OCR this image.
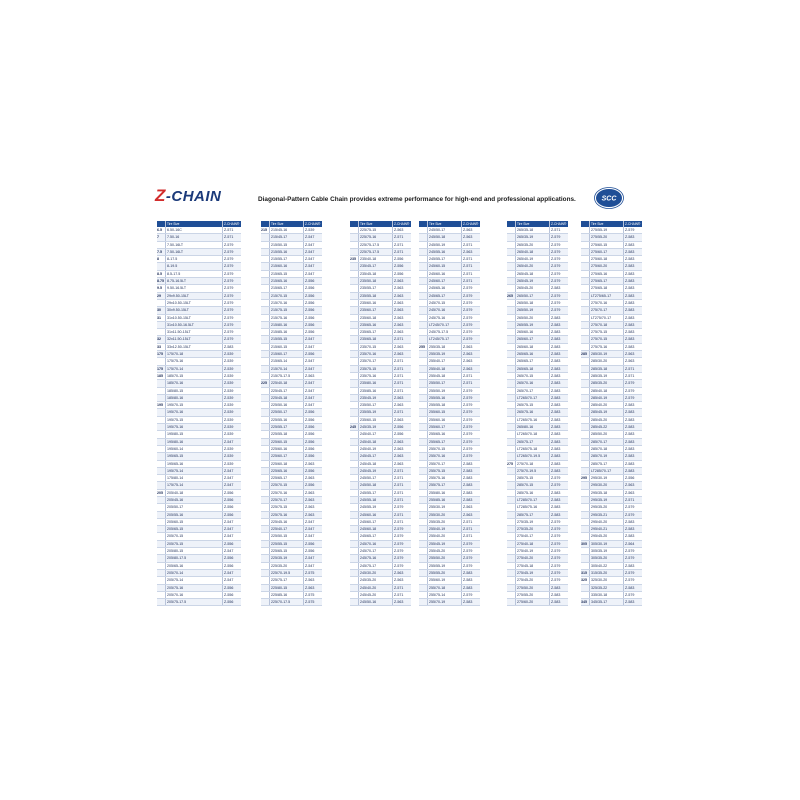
Z-CHAIN	Diagonal-Pattern Cable Chain provides extreme performance for high-end and professional applications.	SCC
Tire Size	Z-CHAIN®
6.5	6.50-16C	Z-571
7	7.50-16	Z-571
7.50-16LT	Z-579
7.5	7.50-16LT	Z-579
8	8-17.5	Z-579
8-19.5	Z-579
8.5	8.5-17.5	Z-579
8.75 8.75-16.5LT	Z-579
9.5	9.50-16.5LT	Z-579
29	29x9.50-15LT	Z-579
29x10.50-15LT	Z-579
30	30x9.50-15LT	Z-579
31	31x10.50-15LT	Z-579
31x10.50-16.5LT	Z-579
31x11.50-15LT	Z-579
32	32x11.50-15LT	Z-579
33	33x12.50-15LT	Z-583
175	175/70-18	Z-539
175/75-16	Z-539
175	175/70-14	Z-539
185	185/70-15	Z-539
185/70-16	Z-539
185/80-15	Z-539
185/80-16	Z-539
195	195/70-15	Z-539
195/70-16	Z-539
195/75-15	Z-539
195/75-16	Z-539
195/80-15	Z-539
195/80-16	Z-547
195/60-14	Z-539
195/65-15	Z-539
195/65-16	Z-539
195/75-14	Z-547
175/80-14	Z-547
175/75-14	Z-547
205	205/40-18	Z-556
205/45-16	Z-556
205/50-17	Z-556
205/55-16	Z-556
205/60-15	Z-547
205/65-15	Z-547
205/70-15	Z-547
205/75-15	Z-556
205/80-15	Z-547
205/80-17.5	Z-556
205/65-16	Z-556
205/70-14	Z-547
205/75-14	Z-547
205/75-16	Z-556
205/70-16	Z-556
205/75-17.5	Z-556
Tire Size	Z-CHAIN®
215	215/45-16	Z-539
215/45-17	Z-547
215/50-15	Z-547
215/55-16	Z-547
215/55-17	Z-547
215/60-16	Z-547
215/65-15	Z-547
215/65-16	Z-556
215/65-17	Z-556
215/70-15	Z-556
215/70-16	Z-556
215/75-15	Z-556
215/75-16	Z-556
215/80-16	Z-556
215/85-16	Z-556
215/55-15	Z-547
215/60-15	Z-547
215/60-17	Z-556
215/65-14	Z-547
215/70-14	Z-547
215/75-17.5	Z-563
225	225/40-18	Z-547
225/45-17	Z-547
225/45-18	Z-547
225/50-16	Z-547
225/50-17	Z-556
225/55-16	Z-556
225/55-17	Z-556
225/55-18	Z-556
225/60-15	Z-556
225/60-16	Z-556
225/60-17	Z-556
225/60-18	Z-563
225/65-16	Z-556
225/65-17	Z-563
225/70-15	Z-556
225/70-16	Z-563
225/70-17	Z-563
225/75-15	Z-563
225/75-16	Z-563
225/45-16	Z-547
225/40-17	Z-547
225/50-15	Z-547
225/55-15	Z-556
225/65-15	Z-556
225/35-19	Z-547
225/35-20	Z-547
225/70-19.5	Z-575
225/75-17	Z-563
225/80-15	Z-563
225/85-16	Z-575
225/70-17.5	Z-575
Tire Size	Z-CHAIN®
225/75-15	Z-563
225/75-16	Z-571
225/75-17.5	Z-571
225/75-17.5	Z-571
235	235/40-18	Z-556
235/45-17	Z-556
235/45-18	Z-556
235/50-18	Z-563
235/55-17	Z-563
235/55-18	Z-563
235/60-16	Z-563
235/60-17	Z-563
235/60-18	Z-563
235/65-16	Z-563
235/65-17	Z-563
235/65-18	Z-571
235/70-15	Z-563
235/70-16	Z-563
235/70-17	Z-571
235/75-15	Z-571
235/75-16	Z-571
235/80-16	Z-571
235/85-16	Z-571
235/45-19	Z-563
235/50-17	Z-563
235/55-19	Z-571
235/60-15	Z-563
245	245/35-19	Z-556
245/40-17	Z-556
245/40-18	Z-563
245/40-19	Z-563
245/45-17	Z-563
245/45-18	Z-563
245/45-19	Z-571
245/50-17	Z-571
245/50-18	Z-571
245/55-17	Z-571
245/55-18	Z-571
245/55-19	Z-579
245/60-16	Z-571
245/60-17	Z-571
245/60-18	Z-579
245/65-17	Z-579
245/70-16	Z-579
245/70-17	Z-579
245/75-16	Z-579
245/75-17	Z-579
245/30-20	Z-563
245/35-20	Z-563
245/40-20	Z-571
245/45-20	Z-571
245/50-16	Z-563
Tire Size	Z-CHAIN®
245/50-17	Z-563
245/50-18	Z-563
245/50-19	Z-571
245/55-16	Z-563
245/55-17	Z-571
245/60-15	Z-571
245/60-16	Z-571
245/60-17	Z-571
245/65-16	Z-579
245/65-17	Z-579
245/70-15	Z-579
245/70-16	Z-579
245/75-16	Z-579
LT245/70-17	Z-579
245/75-17.5	Z-579
LT245/75-17	Z-579
255	255/35-18	Z-563
255/35-19	Z-563
255/40-17	Z-563
255/40-18	Z-563
255/45-18	Z-571
255/50-17	Z-571
255/50-19	Z-579
255/55-16	Z-579
255/55-18	Z-579
255/60-15	Z-579
255/60-16	Z-579
255/60-17	Z-579
255/65-16	Z-579
255/65-17	Z-579
255/70-15	Z-579
255/70-16	Z-579
255/70-17	Z-583
255/75-15	Z-583
255/75-16	Z-583
255/75-17	Z-583
255/80-16	Z-583
255/85-16	Z-583
255/30-19	Z-563
255/30-20	Z-563
255/35-20	Z-571
255/40-19	Z-571
255/40-20	Z-571
255/45-19	Z-579
255/45-20	Z-579
255/50-20	Z-579
255/55-19	Z-579
255/55-20	Z-583
255/60-19	Z-583
255/70-18	Z-583
255/75-14	Z-579
255/70-19	Z-583
Tire Size	Z-CHAIN®
265/35-18	Z-571
265/35-19	Z-579
265/35-20	Z-579
265/40-18	Z-579
265/40-19	Z-579
265/40-20	Z-579
265/45-18	Z-579
265/45-19	Z-579
265/45-20	Z-583
265	265/50-17	Z-579
265/50-18	Z-579
265/50-19	Z-579
265/50-20	Z-583
265/55-19	Z-583
265/60-16	Z-583
265/60-17	Z-583
265/60-18	Z-583
265/65-16	Z-583
265/65-17	Z-583
265/65-18	Z-583
265/70-15	Z-583
265/70-16	Z-583
265/70-17	Z-583
LT265/70-17	Z-583
265/75-15	Z-583
265/75-16	Z-583
LT265/75-16	Z-583
265/80-16	Z-583
LT265/70-18	Z-583
265/75-17	Z-583
LT265/75-18	Z-583
LT265/70-19.5	Z-583
275	275/70-18	Z-583
275/70-19.5	Z-583
285/75-15	Z-579
285/70-15	Z-579
285/75-16	Z-583
LT285/70-17	Z-583
LT285/75-16	Z-583
285/75-17	Z-583
275/35-19	Z-579
275/35-20	Z-579
275/40-17	Z-579
275/40-18	Z-579
275/40-19	Z-579
275/40-20	Z-579
275/45-18	Z-579
275/45-19	Z-579
275/45-20	Z-579
275/50-20	Z-583
275/55-20	Z-583
275/60-20	Z-583
Tire Size	Z-CHAIN®
275/55-19	Z-579
275/55-20	Z-583
275/60-15	Z-583
275/60-17	Z-583
275/60-18	Z-583
275/60-20	Z-583
275/65-16	Z-583
275/65-17	Z-583
275/65-18	Z-583
LT275/65-17	Z-583
275/70-16	Z-583
275/70-17	Z-583
LT275/70-17	Z-583
275/70-18	Z-583
275/75-15	Z-583
275/70-15	Z-583
275/75-16	Z-583
285	285/30-19	Z-563
285/30-20	Z-563
285/35-18	Z-571
285/35-19	Z-571
285/35-20	Z-579
285/40-18	Z-579
285/40-19	Z-579
285/40-20	Z-583
285/45-19	Z-583
285/45-20	Z-583
285/45-22	Z-583
285/50-20	Z-583
285/70-17	Z-583
285/70-18	Z-583
285/70-19	Z-583
285/75-17	Z-583
LT285/70-17	Z-583
295	295/30-19	Z-556
295/30-20	Z-563
295/35-18	Z-563
295/35-19	Z-571
295/35-20	Z-579
295/35-21	Z-579
295/40-20	Z-583
295/40-21	Z-583
295/45-20	Z-583
305	305/30-19	Z-564
305/35-19	Z-579
305/35-20	Z-579
305/40-22	Z-583
315	315/35-20	Z-579
325	325/30-20	Z-579
325/35-22	Z-583
335/30-18	Z-579
345	345/35-17	Z-583
